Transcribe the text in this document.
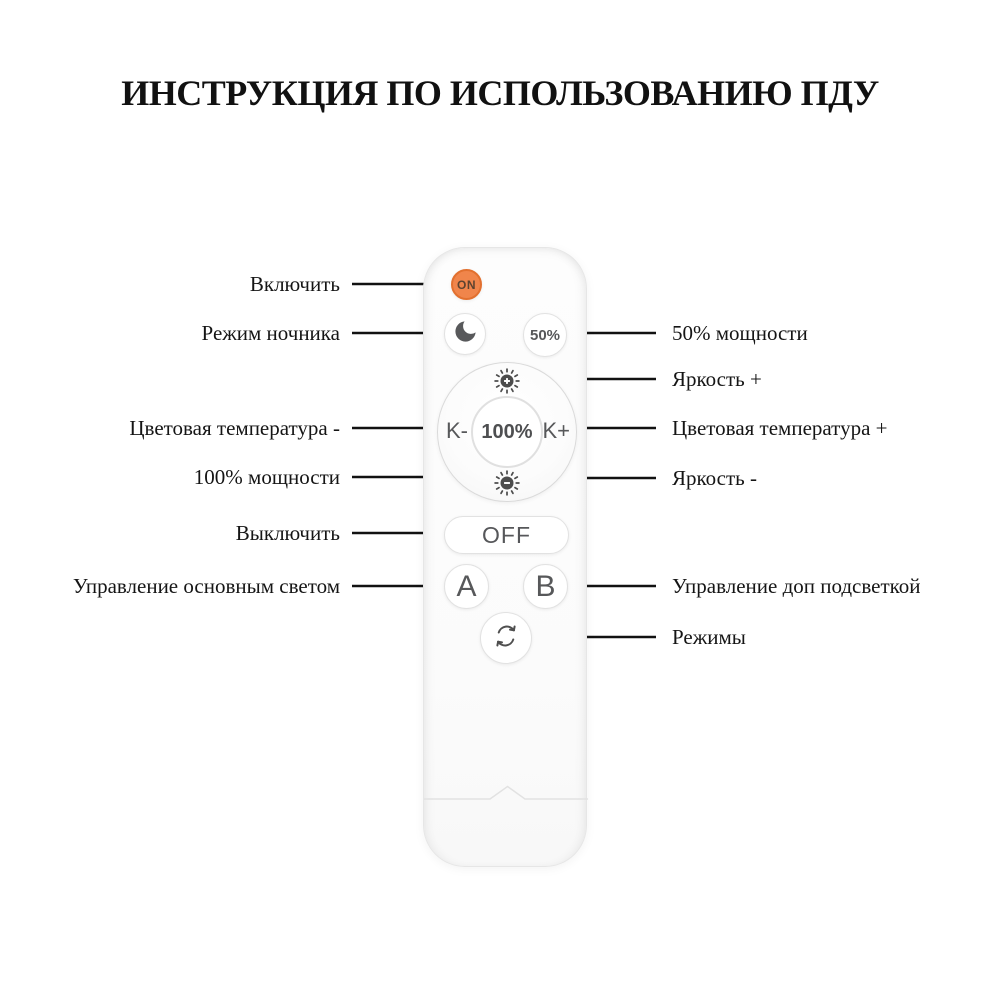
ИНСТРУКЦИЯ ПО ИСПОЛЬЗОВАНИЮ ПДУ
Включить
Режим ночника
Цветовая температура -
100% мощности
Выключить
Управление основным светом
50% мощности
Яркость +
Цветовая температура +
Яркость -
Управление доп подсветкой
Режимы
ON
50%
K- 100% K+
OFF
A	B
